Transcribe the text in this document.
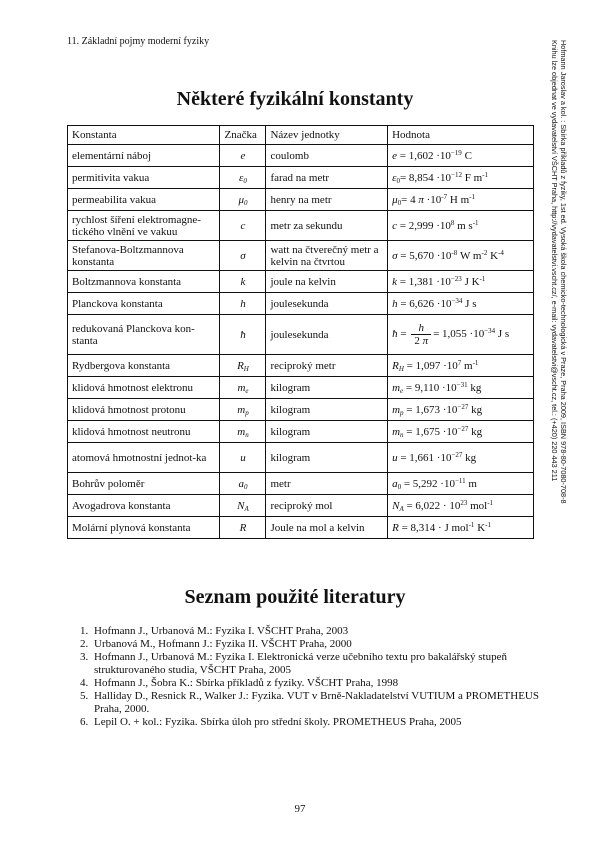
11. Základní pojmy moderní fyziky	Hofmann Jaroslav a kol. : Sbírka příkladů z fyziky, 1st ed. Vysoká škola chemicko-technologická v Praze, Praha 2009, ISBN 978-80-7080-708-8
Knihu lze objednat ve vydavatelství VŠCHT Praha, http://vydavatelstvi.vscht.cz/, e-mail: vydavatelstvi@vscht.cz, tel.: (+420) 220 443 211
Některé fyzikální konstanty
Konstanta	Značka	Název jednotky	Hodnota
elementární náboj	e	coulomb	$e = 1,602 \cdot 10^{-19}$ C
permitivita vakua	$\varepsilon_0$	farad na metr	$\varepsilon_0= 8,854 \cdot 10^{-12}$ F $m^{-1}$
permeabilita vakua	$\mu_0$	henry na metr	$\mu_0= 4$ $\pi \cdot 10^{-7}$ H $m^{-1}$
rychlost šíření elektromagne-tického vlnění ve vakuu	c	metr za sekundu	$c = 2,999 \cdot 10^8$ m $s^{-1}$
Stefanova-Boltzmannova konstanta	σ	watt na čtverečný metr a kelvin na čtvrtou	$\sigma = 5,670 \cdot 10^{-8}$ W $m^{-2}$ $K^{-4}$
Boltzmannova konstanta	k	joule na kelvin	$k = 1,381 \cdot 10^{-23}$ J $K^{-1}$
Planckova konstanta	h	joulesekunda	$h = 6,626 \cdot 10^{-34}$ J s
redukovaná Planckova kon-stanta	ħ	joulesekunda	ħ = $\frac{h}{2 \pi} = 1,055 \cdot 10^{-34}$ J s
Rydbergova konstanta	$R_H$	reciproký metr	$R_H = 1,097 \cdot 10^7$ $m^{-1}$
klidová hmotnost elektronu	$m_e$	kilogram	$m_e = 9,110 \cdot 10^{-31}$ kg
klidová hmotnost protonu	$m_p$	kilogram	$m_p = 1,673 \cdot 10^{-27}$ kg
klidová hmotnost neutronu	$m_n$	kilogram	$m_n = 1,675 \cdot 10^{-27}$ kg
atomová hmotnostní jednot-ka	u	kilogram	$u = 1,661 \cdot 10^{-27}$ kg
Bohrův poloměr	$a_0$	metr	$a_0 = 5,292 \cdot 10^{-11}$ m
Avogadrova konstanta	$N_A$	reciproký mol	$N_A = 6,022 \cdot 10^{23}$ mol$^{-1}$
Molární plynová konstanta	R	Joule na mol a kelvin	R = 8,314 · J mol$^{-1}$ $K^{-1}$
Seznam použité literatury
1. Hofmann J., Urbanová M.: Fyzika I. VŠCHT Praha, 2003
2. Urbanová M., Hofmann J.: Fyzika II. VŠCHT Praha, 2000
3. Hofmann J., Urbanová M.: Fyzika I. Elektronická verze učebního textu pro bakalářský stupeň strukturovaného studia, VŠCHT Praha, 2005
4. Hofmann J., Šobra K.: Sbírka příkladů z fyziky. VŠCHT Praha, 1998
5. Halliday D., Resnick R., Walker J.: Fyzika. VUT v Brně-Nakladatelství VUTIUM a PROMETHEUS Praha, 2000.
6. Lepil O. + kol.: Fyzika. Sbírka úloh pro střední školy. PROMETHEUS Praha, 2005
97
